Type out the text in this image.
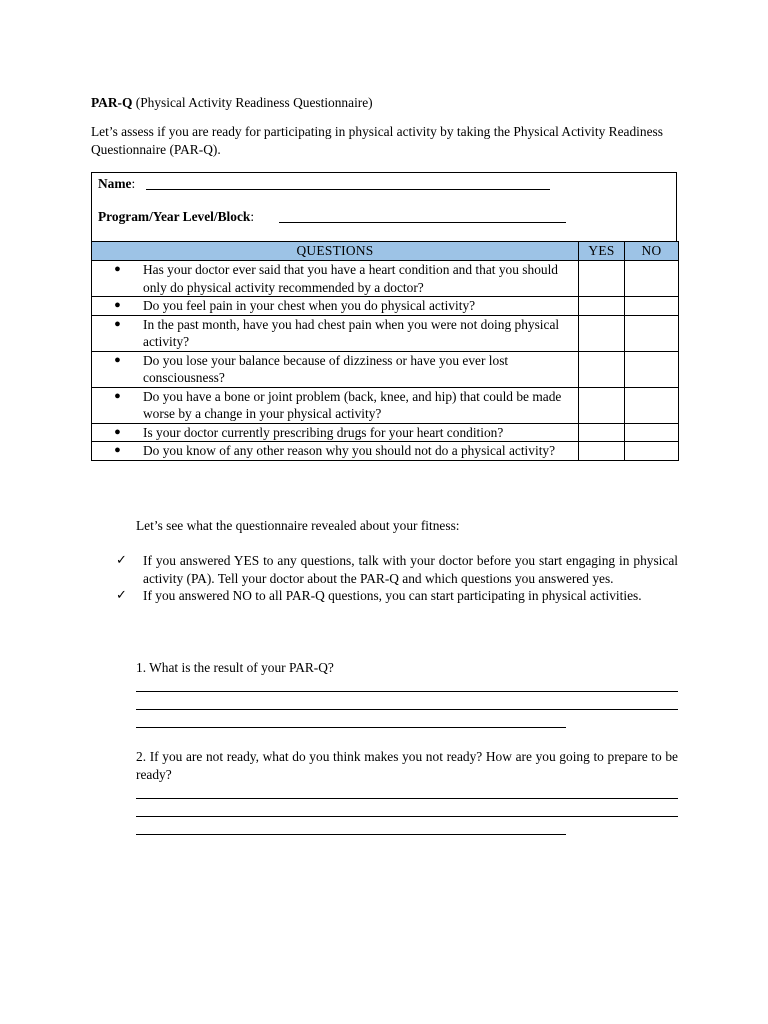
PAR-Q (Physical Activity Readiness Questionnaire)
Let’s assess if you are ready for participating in physical activity by taking the Physical Activity Readiness Questionnaire (PAR-Q).
Name:
Program/Year Level/Block:
QUESTIONS	YES	NO

● Has your doctor ever said that you have a heart condition and that you should only do physical activity recommended by a doctor?		

● Do you feel pain in your chest when you do physical activity?		

● In the past month, have you had chest pain when you were not doing physical activity?		

● Do you lose your balance because of dizziness or have you ever lost consciousness?		

● Do you have a bone or joint problem (back, knee, and hip) that could be made worse by a change in your physical activity?		

● Is your doctor currently prescribing drugs for your heart condition?		

● Do you know of any other reason why you should not do a physical activity?		

Let’s see what the questionnaire revealed about your fitness:
✓	If you answered YES to any questions, talk with your doctor before you start engaging in physical activity (PA). Tell your doctor about the PAR-Q and which questions you answered yes.
✓	If you answered NO to all PAR-Q questions, you can start participating in physical activities.
1. What is the result of your PAR-Q?
2. If you are not ready, what do you think makes you not ready? How are you going to prepare to be ready?
